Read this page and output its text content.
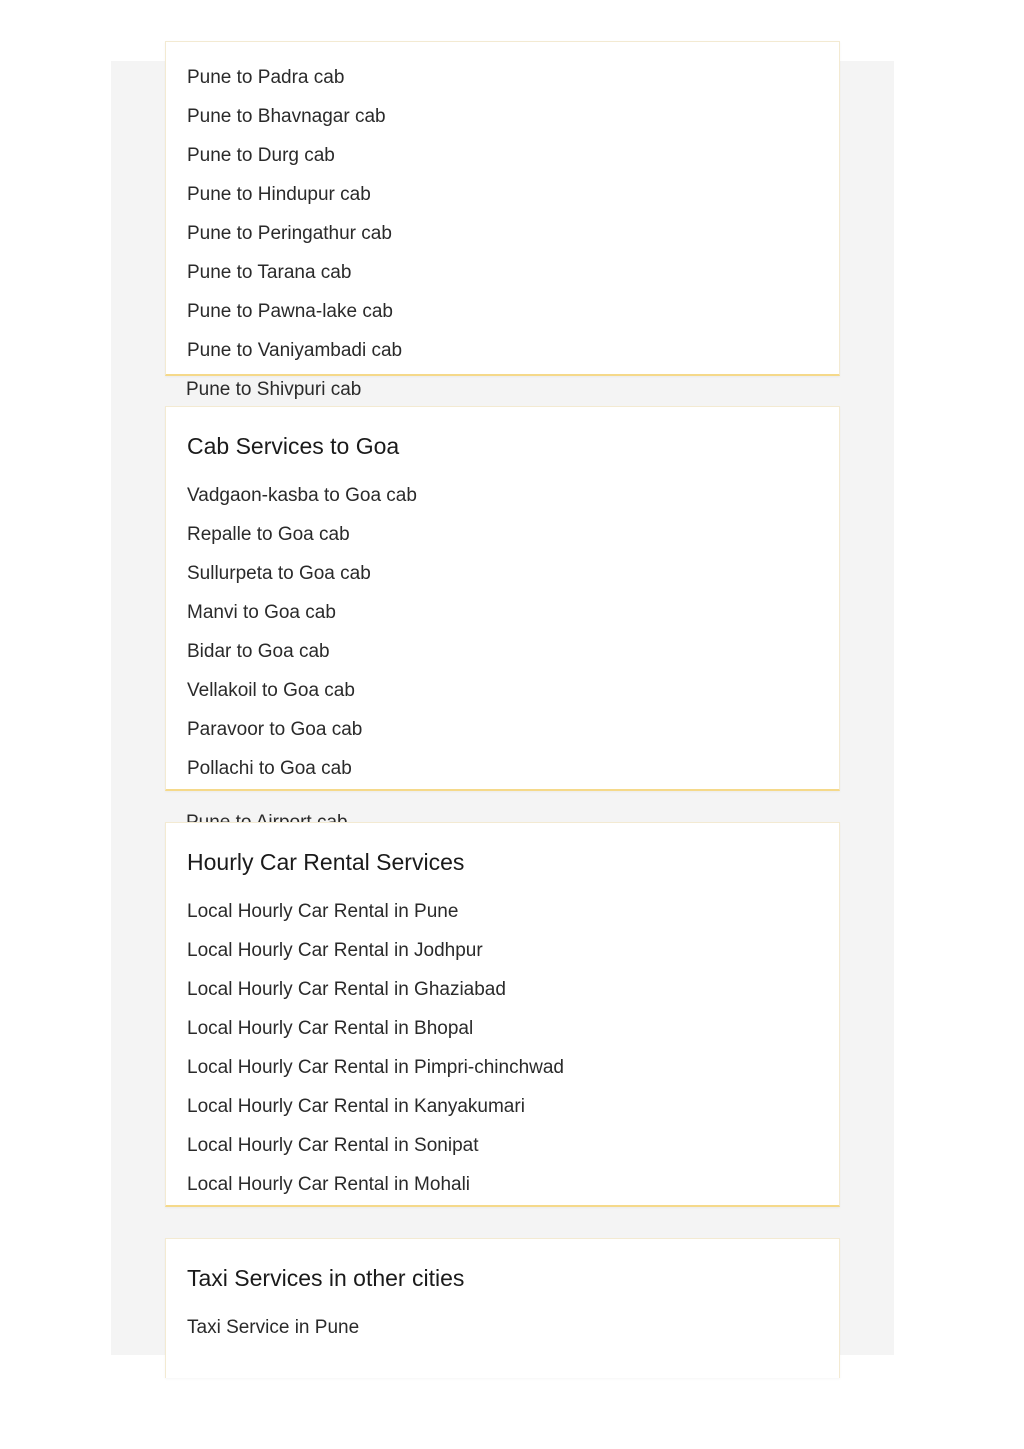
Pune to Padra cab
Pune to Bhavnagar cab
Pune to Durg cab
Pune to Hindupur cab
Pune to Peringathur cab
Pune to Tarana cab
Pune to Pawna-lake cab
Pune to Vaniyambadi cab
Pune to Shivpuri cab
Cab Services to Goa
Vadgaon-kasba to Goa cab
Repalle to Goa cab
Sullurpeta to Goa cab
Manvi to Goa cab
Bidar to Goa cab
Vellakoil to Goa cab
Paravoor to Goa cab
Pollachi to Goa cab
Hourly Car Rental Services
Local Hourly Car Rental in Pune
Local Hourly Car Rental in Jodhpur
Local Hourly Car Rental in Ghaziabad
Local Hourly Car Rental in Bhopal
Local Hourly Car Rental in Pimpri-chinchwad
Local Hourly Car Rental in Kanyakumari
Local Hourly Car Rental in Sonipat
Local Hourly Car Rental in Mohali
Taxi Services in other cities
Taxi Service in Pune
